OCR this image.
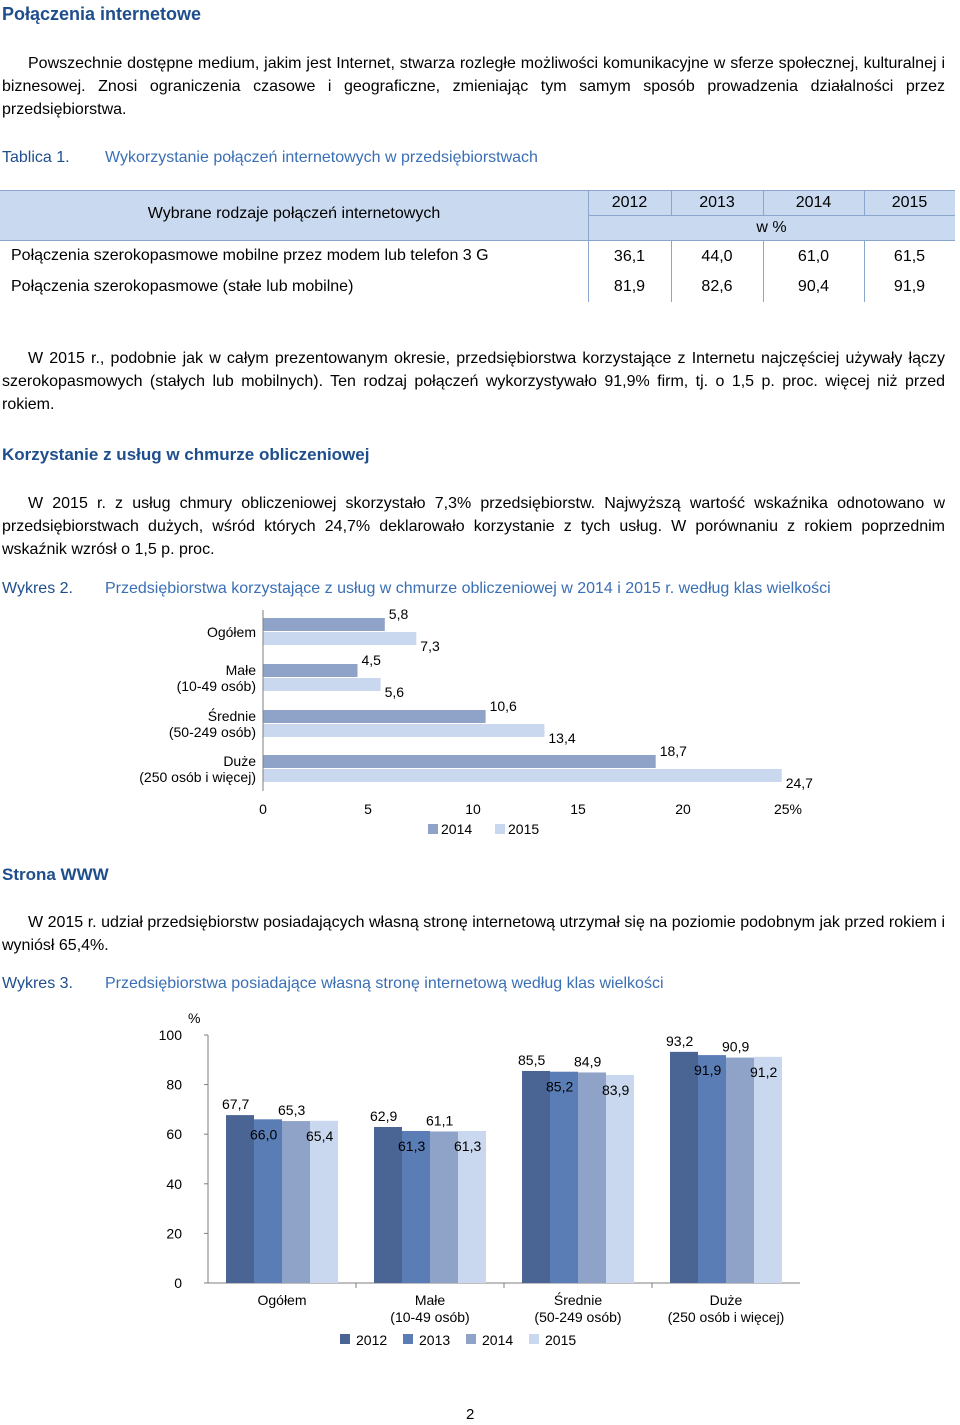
Połączenia internetowe
Powszechnie dostępne medium, jakim jest Internet, stwarza rozległe możliwości komunikacyjne w sferze społecznej, kulturalnej i biznesowej. Znosi ograniczenia czasowe i geograficzne, zmieniając tym samym sposób prowadzenia działalności przez przedsiębiorstwa.
Tablica 1. Wykorzystanie połączeń internetowych w przedsiębiorstwach
Wybrane rodzaje połączeń internetowych
2012	2013	2014	2015
w %
Połączenia szerokopasmowe mobilne przez modem lub telefon 3 G	36,1	44,0	61,0	61,5
Połączenia szerokopasmowe (stałe lub mobilne)	81,9	82,6	90,4	91,9
W 2015 r., podobnie jak w całym prezentowanym okresie, przedsiębiorstwa korzystające z Internetu najczęściej używały łączy szerokopasmowych (stałych lub mobilnych). Ten rodzaj połączeń wykorzystywało 91,9% firm, tj. o 1,5 p. proc. więcej niż przed rokiem.
Korzystanie z usług w chmurze obliczeniowej
W 2015 r. z usług chmury obliczeniowej skorzystało 7,3% przedsiębiorstw. Najwyższą wartość wskaźnika odnotowano w przedsiębiorstwach dużych, wśród których 24,7% deklarowało korzystanie z tych usług. W porównaniu z rokiem poprzednim wskaźnik wzrósł o 1,5 p. proc.
Wykres 2. Przedsiębiorstwa korzystające z usług w chmurze obliczeniowej w 2014 i 2015 r. według klas wielkości
Ogółem
5,8
7,3
Małe
(10-49 osób)
4,5
5,6
Średnie
(50-249 osób)
10,6
13,4
Duże
(250 osób i więcej)
18,7
24,7
0	5	10	15	20	25%
2014	2015
Strona WWW
W 2015 r. udział przedsiębiorstw posiadających własną stronę internetową utrzymał się na poziomie podobnym jak przed rokiem i wyniósł 65,4%.
Wykres 3. Przedsiębiorstwa posiadające własną stronę internetową według klas wielkości
0
20
40
60
80
100
%
67,7
66,0
65,3
65,4
Ogółem
62,9
61,3
61,1
61,3
Małe
(10-49 osób)
85,5
85,2
84,9
83,9
Średnie
(50-249 osób)
93,2
91,9
90,9
91,2
Duże
(250 osób i więcej)
2012 2013 2014 2015
2
